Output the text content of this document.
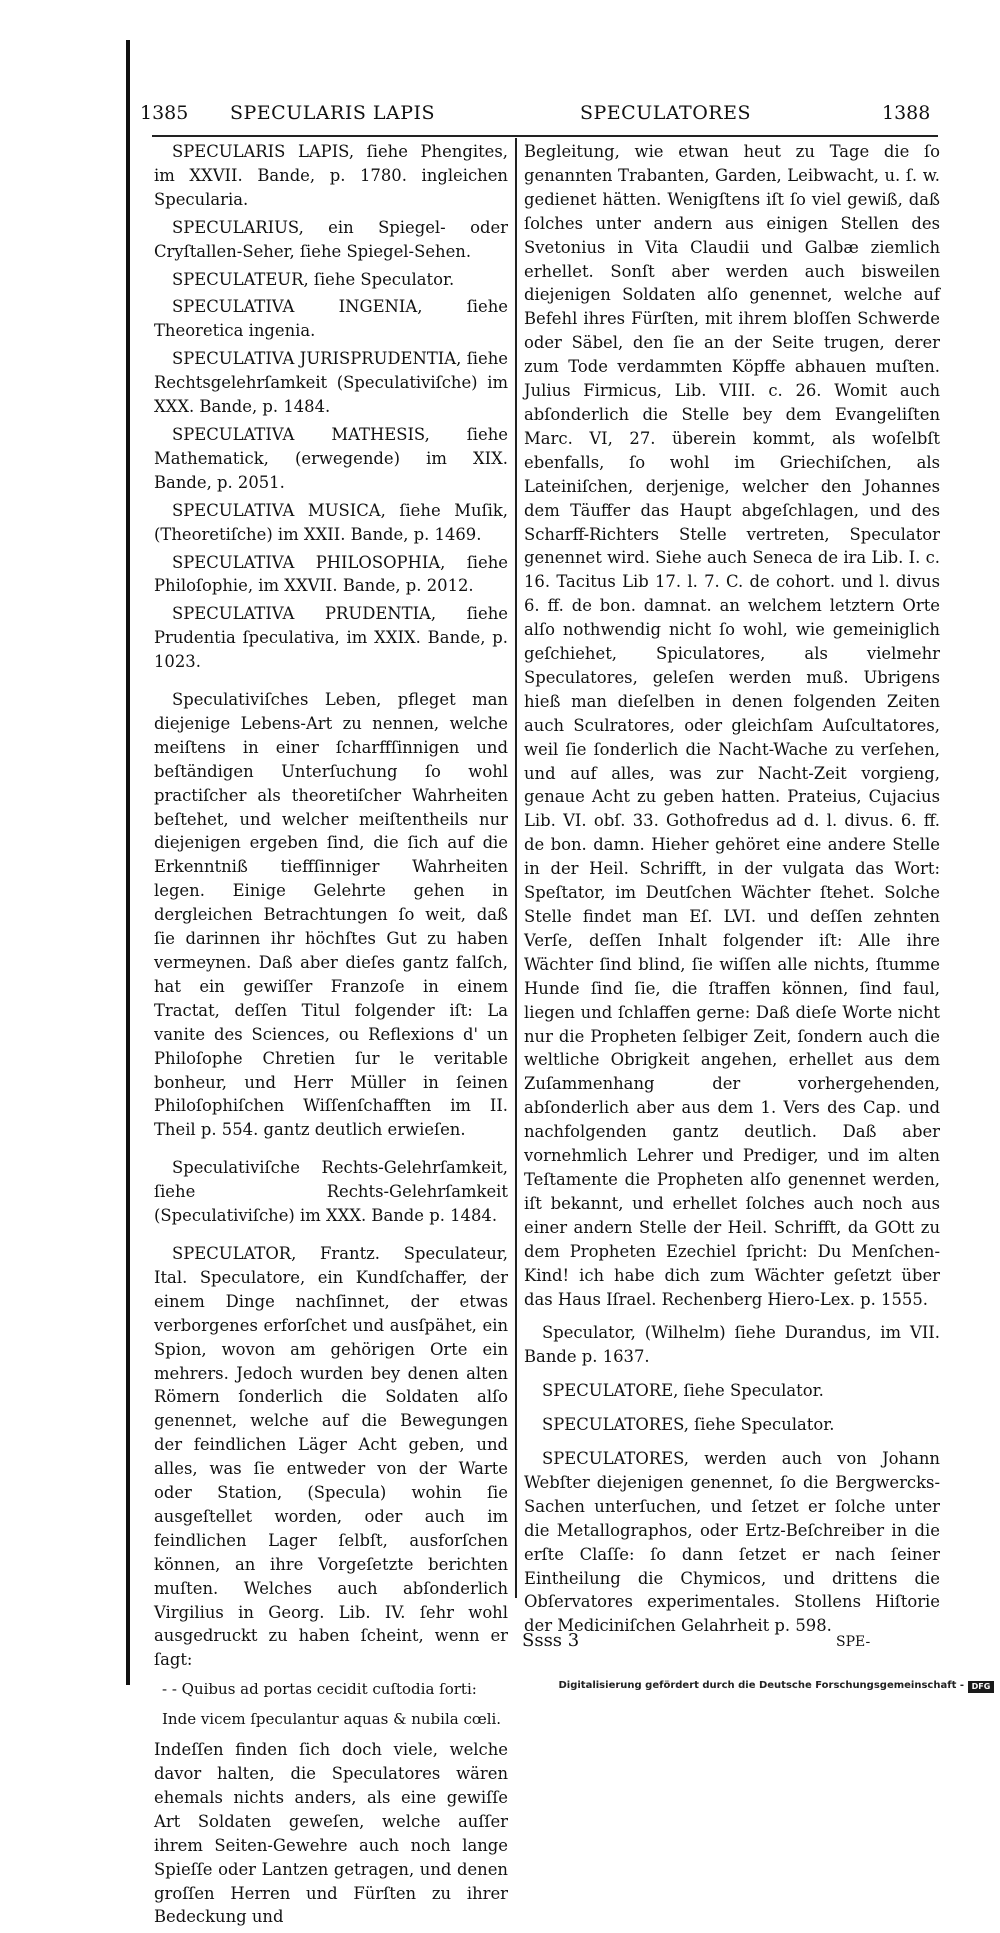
1385 SPECULARIS LAPIS	SPECULATORES	1388

SPECULARIS LAPIS, ſiehe Phengites, im XXVII. Bande, p. 1780. ingleichen Specularia.

SPECULARIUS, ein Spiegel- oder Cryſtallen-Seher, ſiehe Spiegel-Sehen.

SPECULATEUR, ſiehe Speculator.

SPECULATIVA INGENIA, ſiehe Theoretica ingenia.

SPECULATIVA JURISPRUDENTIA, ſiehe Rechtsgelehrſamkeit (Speculativiſche) im XXX. Bande, p. 1484.

SPECULATIVA MATHESIS, ſiehe Mathematick, (erwegende) im XIX. Bande, p. 2051.

SPECULATIVA MUSICA, ſiehe Muſik, (Theoretiſche) im XXII. Bande, p. 1469.

SPECULATIVA PHILOSOPHIA, ſiehe Philoſophie, im XXVII. Bande, p. 2012.

SPECULATIVA PRUDENTIA, ſiehe Prudentia ſpeculativa, im XXIX. Bande, p. 1023.

Speculativiſches Leben, pfleget man diejenige Lebens-Art zu nennen, welche meiſtens in einer ſcharffſinnigen und beſtändigen Unterſuchung ſo wohl practiſcher als theoretiſcher Wahrheiten beſtehet, und welcher meiſtentheils nur diejenigen ergeben ſind, die ſich auf die Erkenntniß tieffſinniger Wahrheiten legen. Einige Gelehrte gehen in dergleichen Betrachtungen ſo weit, daß ſie darinnen ihr höchſtes Gut zu haben vermeynen. Daß aber dieſes gantz falſch, hat ein gewiſſer Franzoſe in einem Tractat, deſſen Titul folgender iſt: La vanite des Sciences, ou Reflexions d' un Philoſophe Chretien ſur le veritable bonheur, und Herr Müller in ſeinen Philoſophiſchen Wiſſenſchafften im II. Theil p. 554. gantz deutlich erwieſen.

Speculativiſche Rechts-Gelehrſamkeit, ſiehe Rechts-Gelehrſamkeit (Speculativiſche) im XXX. Bande p. 1484.

SPECULATOR, Frantz. Speculateur, Ital. Speculatore, ein Kundſchaffer, der einem Dinge nachſinnet, der etwas verborgenes erforſchet und ausſpähet, ein Spion, wovon am gehörigen Orte ein mehrers. Jedoch wurden bey denen alten Römern ſonderlich die Soldaten alſo genennet, welche auf die Bewegungen der feindlichen Läger Acht geben, und alles, was ſie entweder von der Warte oder Station, (Specula) wohin ſie ausgeſtellet worden, oder auch im feindlichen Lager ſelbſt, ausforſchen können, an ihre Vorgeſetzte berichten muſten. Welches auch abſonderlich Virgilius in Georg. Lib. IV. ſehr wohl ausgedruckt zu haben ſcheint, wenn er ſagt:

- - Quibus ad portas cecidit cuſtodia ſorti:
Inde vicem ſpeculantur aquas & nubila cœli.

Indeſſen finden ſich doch viele, welche davor halten, die Speculatores wären ehemals nichts anders, als eine gewiſſe Art Soldaten geweſen, welche auſſer ihrem Seiten-Gewehre auch noch lange Spieſſe oder Lantzen getragen, und denen groſſen Herren und Fürſten zu ihrer Bedeckung und

Begleitung, wie etwan heut zu Tage die ſo genannten Trabanten, Garden, Leibwacht, u. ſ. w. gedienet hätten. Wenigſtens iſt ſo viel gewiß, daß ſolches unter andern aus einigen Stellen des Svetonius in Vita Claudii und Galbæ ziemlich erhellet. Sonſt aber werden auch bisweilen diejenigen Soldaten alſo genennet, welche auf Befehl ihres Fürſten, mit ihrem bloſſen Schwerde oder Säbel, den ſie an der Seite trugen, derer zum Tode verdammten Köpffe abhauen muſten. Julius Firmicus, Lib. VIII. c. 26. Womit auch abſonderlich die Stelle bey dem Evangeliſten Marc. VI, 27. überein kommt, als woſelbſt ebenfalls, ſo wohl im Griechiſchen, als Lateiniſchen, derjenige, welcher den Johannes dem Täuffer das Haupt abgeſchlagen, und des Scharff-Richters Stelle vertreten, Speculator genennet wird. Siehe auch Seneca de ira Lib. I. c. 16. Tacitus Lib 17. l. 7. C. de cohort. und l. divus 6. ff. de bon. damnat. an welchem letztern Orte alſo nothwendig nicht ſo wohl, wie gemeiniglich geſchiehet, Spiculatores, als vielmehr Speculatores, geleſen werden muß. Ubrigens hieß man dieſelben in denen folgenden Zeiten auch Sculratores, oder gleichſam Auſcultatores, weil ſie ſonderlich die Nacht-Wache zu verſehen, und auf alles, was zur Nacht-Zeit vorgieng, genaue Acht zu geben hatten. Prateius, Cujacius Lib. VI. obſ. 33. Gothofredus ad d. l. divus. 6. ff. de bon. damn. Hieher gehöret eine andere Stelle in der Heil. Schrifft, in der vulgata das Wort: Speſtator, im Deutſchen Wächter ſtehet. Solche Stelle findet man Eſ. LVI. und deſſen zehnten Verſe, deſſen Inhalt folgender iſt: Alle ihre Wächter ſind blind, ſie wiſſen alle nichts, ſtumme Hunde ſind ſie, die ſtraffen können, ſind faul, liegen und ſchlaffen gerne: Daß dieſe Worte nicht nur die Propheten ſelbiger Zeit, ſondern auch die weltliche Obrigkeit angehen, erhellet aus dem Zuſammenhang der vorhergehenden, abſonderlich aber aus dem 1. Vers des Cap. und nachfolgenden gantz deutlich. Daß aber vornehmlich Lehrer und Prediger, und im alten Teſtamente die Propheten alſo genennet werden, iſt bekannt, und erhellet ſolches auch noch aus einer andern Stelle der Heil. Schrifft, da GOtt zu dem Propheten Ezechiel ſpricht: Du Menſchen-Kind! ich habe dich zum Wächter geſetzt über das Haus Iſrael. Rechenberg Hiero-Lex. p. 1555.

Speculator, (Wilhelm) ſiehe Durandus, im VII. Bande p. 1637.

SPECULATORE, ſiehe Speculator.

SPECULATORES, ſiehe Speculator.

SPECULATORES, werden auch von Johann Webſter diejenigen genennet, ſo die Bergwercks-Sachen unterſuchen, und ſetzet er ſolche unter die Metallographos, oder Ertz-Beſchreiber in die erſte Claſſe: ſo dann ſetzet er nach ſeiner Eintheilung die Chymicos, und drittens die Obſervatores experimentales. Stollens Hiſtorie der Mediciniſchen Gelahrheit p. 598.

Ssss 3	SPE-
Digitalisierung gefördert durch die Deutsche Forschungsgemeinschaft - DFG
